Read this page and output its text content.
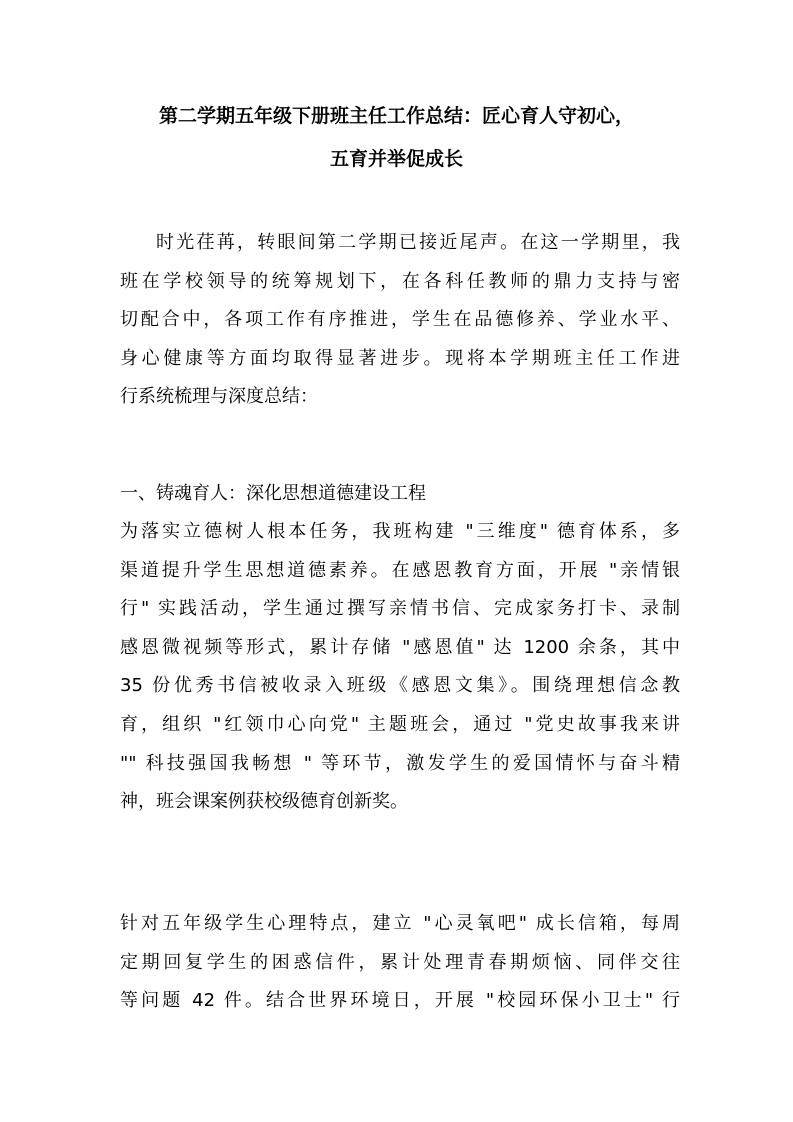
第二学期五年级下册班主任工作总结：匠心育人守初心，
五育并举促成长
时光荏苒，转眼间第二学期已接近尾声。在这一学期里，我
班在学校领导的统筹规划下，在各科任教师的鼎力支持与密
切配合中，各项工作有序推进，学生在品德修养、学业水平、
身心健康等方面均取得显著进步。现将本学期班主任工作进
行系统梳理与深度总结：
一、铸魂育人：深化思想道德建设工程
为落实立德树人根本任务，我班构建 "三维度" 德育体系，多
渠道提升学生思想道德素养。在感恩教育方面，开展 "亲情银
行" 实践活动，学生通过撰写亲情书信、完成家务打卡、录制
感恩微视频等形式，累计存储 "感恩值" 达 1200 余条，其中
35 份优秀书信被收录入班级《感恩文集》。围绕理想信念教
育，组织 "红领巾心向党" 主题班会，通过 "党史故事我来讲
"" 科技强国我畅想 " 等环节，激发学生的爱国情怀与奋斗精
神，班会课案例获校级德育创新奖。
针对五年级学生心理特点，建立 "心灵氧吧" 成长信箱，每周
定期回复学生的困惑信件，累计处理青春期烦恼、同伴交往
等问题 42 件。结合世界环境日，开展 "校园环保小卫士" 行
